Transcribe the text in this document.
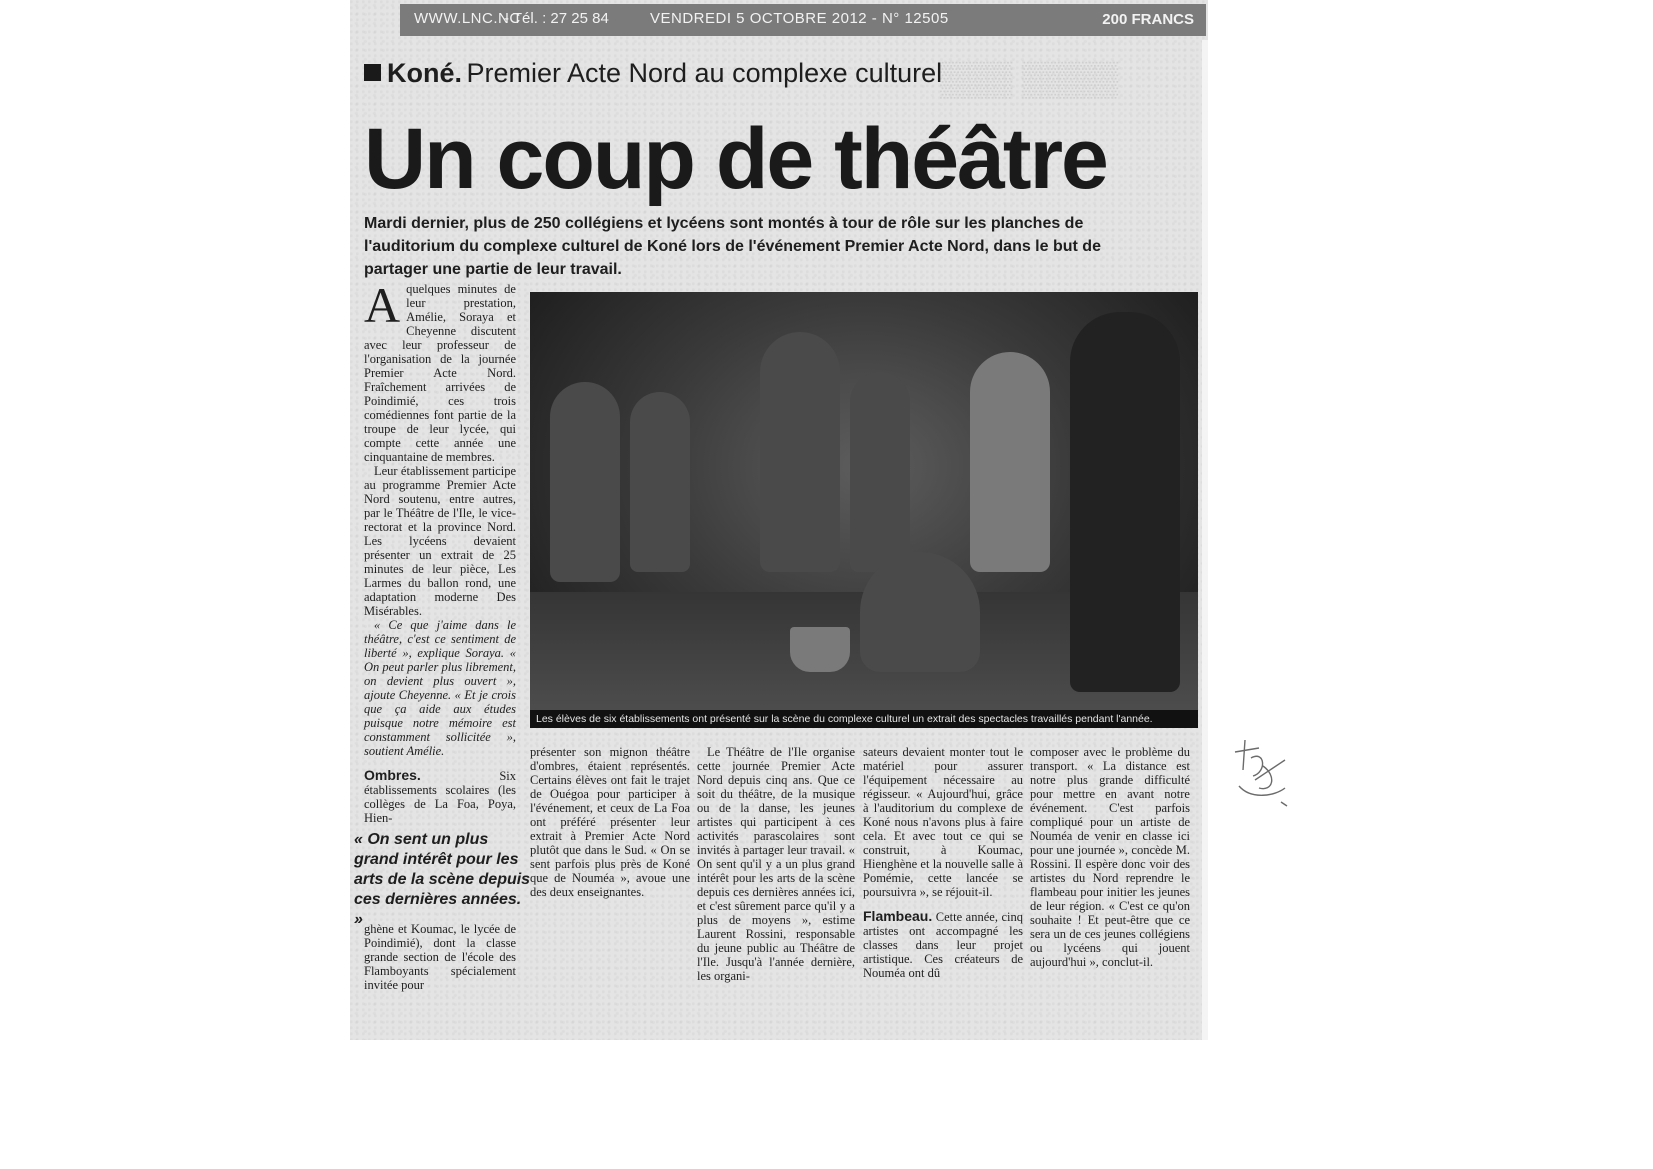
WWW.LNC.NC
- Tél. : 27 25 84	VENDREDI 5 OCTOBRE 2012 - N° 12505	200 FRANCS
▒▒▒ ▒▒▒▒
Koné. Premier Acte Nord au complexe culturel
Un coup de théâtre
Mardi dernier, plus de 250 collégiens et lycéens sont montés à tour de rôle sur les planches de l'auditorium du complexe culturel de Koné lors de l'événement Premier Acte Nord, dans le but de partager une partie de leur travail.

Aquelques minutes de leur prestation, Amélie, Soraya et Cheyenne discutent avec leur professeur de l'organisation de la journée Premier Acte Nord. Fraîchement arrivées de Poindimié, ces trois comédiennes font partie de la troupe de leur lycée, qui compte cette année une cinquantaine de membres.

Leur établissement participe au programme Premier Acte Nord soutenu, entre autres, par le Théâtre de l'Ile, le vice-rectorat et la province Nord. Les lycéens devaient présenter un extrait de 25 minutes de leur pièce, Les Larmes du ballon rond, une adaptation moderne Des Misérables.

« Ce que j'aime dans le théâtre, c'est ce sentiment de liberté », explique Soraya. « On peut parler plus librement, on devient plus ouvert », ajoute Cheyenne. « Et je crois que ça aide aux études puisque notre mémoire est constamment sollicitée », soutient Amélie.

Ombres.	Six établissements scolaires (les collèges de La Foa, Poya, Hien-

« On sent un plus grand intérêt pour les arts de la scène depuis ces dernières années. »

ghène et Koumac, le lycée de Poindimié), dont la classe grande section de l'école des Flamboyants spécialement invitée pour

Les élèves de six établissements ont présenté sur la scène du complexe culturel un extrait des spectacles travaillés pendant l'année.

présenter son mignon théâtre d'ombres, étaient représentés. Certains élèves ont fait le trajet de Ouégoa pour participer à l'événement, et ceux de La Foa ont préféré présenter leur extrait à Premier Acte Nord plutôt que dans le Sud. « On se sent parfois plus près de Koné que de Nouméa », avoue une des deux enseignantes.

Le Théâtre de l'Ile organise cette journée Premier Acte Nord depuis cinq ans. Que ce soit du théâtre, de la musique ou de la danse, les jeunes artistes qui participent à ces activités parascolaires sont invités à partager leur travail. « On sent qu'il y a un plus grand intérêt pour les arts de la scène depuis ces dernières années ici, et c'est sûrement parce qu'il y a plus de moyens », estime Laurent Rossini, responsable du jeune public au Théâtre de l'Ile. Jusqu'à l'année dernière, les organi-

sateurs devaient monter tout le matériel pour assurer l'équipement nécessaire au régisseur. « Aujourd'hui, grâce à l'auditorium du complexe de Koné nous n'avons plus à faire cela. Et avec tout ce qui se construit, à Koumac, Hienghène et la nouvelle salle à Pomémie, cette lancée se poursuivra », se réjouit-il.

Flambeau. Cette année, cinq artistes ont accompagné les classes dans leur projet artistique. Ces créateurs de Nouméa ont dû

composer avec le problème du transport. « La distance est notre plus grande difficulté pour mettre en avant notre événement. C'est parfois compliqué pour un artiste de Nouméa de venir en classe ici pour une journée », concède M. Rossini. Il espère donc voir des artistes du Nord reprendre le flambeau pour initier les jeunes de leur région. « C'est ce qu'on souhaite ! Et peut-être que ce sera un de ces jeunes collégiens ou lycéens qui jouent aujourd'hui », conclut-il.
